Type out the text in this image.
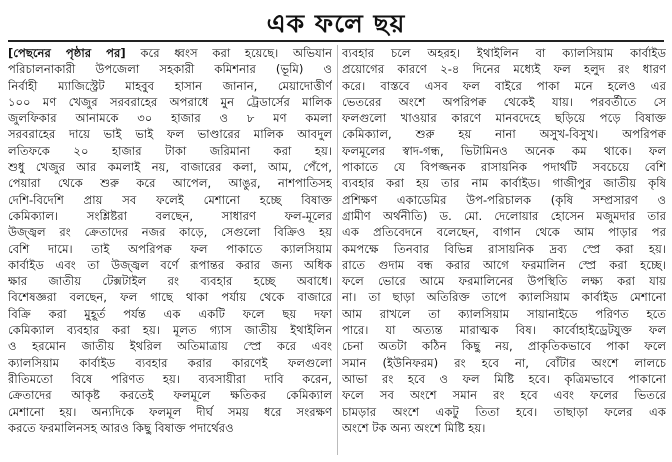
এক ফলে ছয়
[পেছনের পৃষ্ঠার পর] করে ধ্বংস করা হয়েছে। অভিযান
পরিচালনাকারী উপজেলা সহকারী কমিশনার (ভূমি) ও
নির্বাহী ম্যাজিস্ট্রেট মাহবুব হাসান জানান, মেয়াদোত্তীর্ণ
১০০ মণ খেজুর সরবরাহের অপরাধে মুন ট্রেডার্সের মালিক
জুলফিকার আনামকে ৩০ হাজার ও ৮ মণ কমলা
সরবরাহের দায়ে ভাই ভাই ফল ভাণ্ডারের মালিক আবদুল
লতিফকে ২০ হাজার টাকা জরিমানা করা হয়।
শুধু খেজুর আর কমলাই নয়, বাজারের কলা, আম, পেঁপে,
পেয়ারা থেকে শুরু করে আপেল, আঙুর, নাশপাতিসহ
দেশি-বিদেশি প্রায় সব ফলেই মেশানো হচ্ছে বিষাক্ত
কেমিক্যাল। সংশ্লিষ্টরা বলছেন, সাধারণ ফল-মূলের
উজ্জ্বল রং ক্রেতাদের নজর কাড়ে, সেগুলো বিক্রিও হয়
বেশি দামে। তাই অপরিপক্ব ফল পাকাতে ক্যালসিয়াম
কার্বাইড এবং তা উজ্জ্বল বর্ণে রূপান্তর করার জন্য অধিক
ক্ষার জাতীয় টেক্সটাইল রং ব্যবহার হচ্ছে অবাধে।
বিশেষজ্ঞরা বলছেন, ফল গাছে থাকা পর্যায় থেকে বাজারে
বিক্রি করা মুহূর্ত পর্যন্ত এক একটি ফলে ছয় দফা
কেমিক্যাল ব্যবহার করা হয়। মূলত গ্যাস জাতীয় ইথাইলিন
ও হরমোন জাতীয় ইথরিল অতিমাত্রায় স্প্রে করে এবং
ক্যালসিয়াম কার্বাইড ব্যবহার করার কারণেই ফলগুলো
রীতিমতো বিষে পরিণত হয়। ব্যবসায়ীরা দাবি করেন,
ক্রেতাদের আকৃষ্ট করতেই ফলমূলে ক্ষতিকর কেমিক্যাল
মেশানো হয়। অন্যদিকে ফলমূল দীর্ঘ সময় ধরে সংরক্ষণ
করতে ফরমালিনসহ আরও কিছু বিষাক্ত পদার্থেরও
ব্যবহার চলে অহরহ। ইথাইলিন বা ক্যালসিয়াম কার্বাইড
প্রয়োগের কারণে ২-৪ দিনের মধ্যেই ফল হলুদ রং ধারণ
করে। বাস্তবে এসব ফল বাইরে পাকা মনে হলেও এর
ভেতরের অংশে অপরিপক্ব থেকেই যায়। পরবর্তীতে সে
ফলগুলো খাওয়ার কারণে মানবদেহে ছড়িয়ে পড়ে বিষাক্ত
কেমিক্যাল, শুরু হয় নানা অসুখ-বিসুখ। অপরিপক্ব
ফলমূলের স্বাদ-গন্ধ, ভিটামিনও অনেক কম থাকে। ফল
পাকাতে যে বিপজ্জনক রাসায়নিক পদার্থটি সবচেয়ে বেশি
ব্যবহার করা হয় তার নাম কার্বাইড। গাজীপুর জাতীয় কৃষি
প্রশিক্ষণ একাডেমির উপ-পরিচালক (কৃষি সম্প্রসারণ ও
গ্রামীণ অর্থনীতি) ড. মো. দেলোয়ার হোসেন মজুমদার তার
এক প্রতিবেদনে বলেছেন, বাগান থেকে আম পাড়ার পর
কমপক্ষে তিনবার বিভিন্ন রাসায়নিক দ্রব্য স্প্রে করা হয়।
রাতে গুদাম বন্ধ করার আগে ফরমালিন স্প্রে করা হচ্ছে।
ফলে ভোরে আমে ফরমালিনের উপস্থিতি লক্ষ্য করা যায়
না। তা ছাড়া অতিরিক্ত তাপে ক্যালসিয়াম কার্বাইড মেশানো
আম রাখলে তা ক্যালসিয়াম সায়ানাইডে পরিণত হতে
পারে। যা অত্যন্ত মারাত্মক বিষ। কার্বোহাইড্রেটযুক্ত ফল
চেনা অতটা কঠিন কিছু নয়, প্রাকৃতিকভাবে পাকা ফলে
সমান (ইউনিফরম) রং হবে না, বোঁটার অংশে লালচে
আভা রং হবে ও ফল মিষ্টি হবে। কৃত্রিমভাবে পাকানো
ফলে সব অংশে সমান রং হবে এবং ফলের ভিতরে
চামড়ার অংশে একটু তিতা হবে। তাছাড়া ফলের এক
অংশে টক অন্য অংশে মিষ্টি হয়।
